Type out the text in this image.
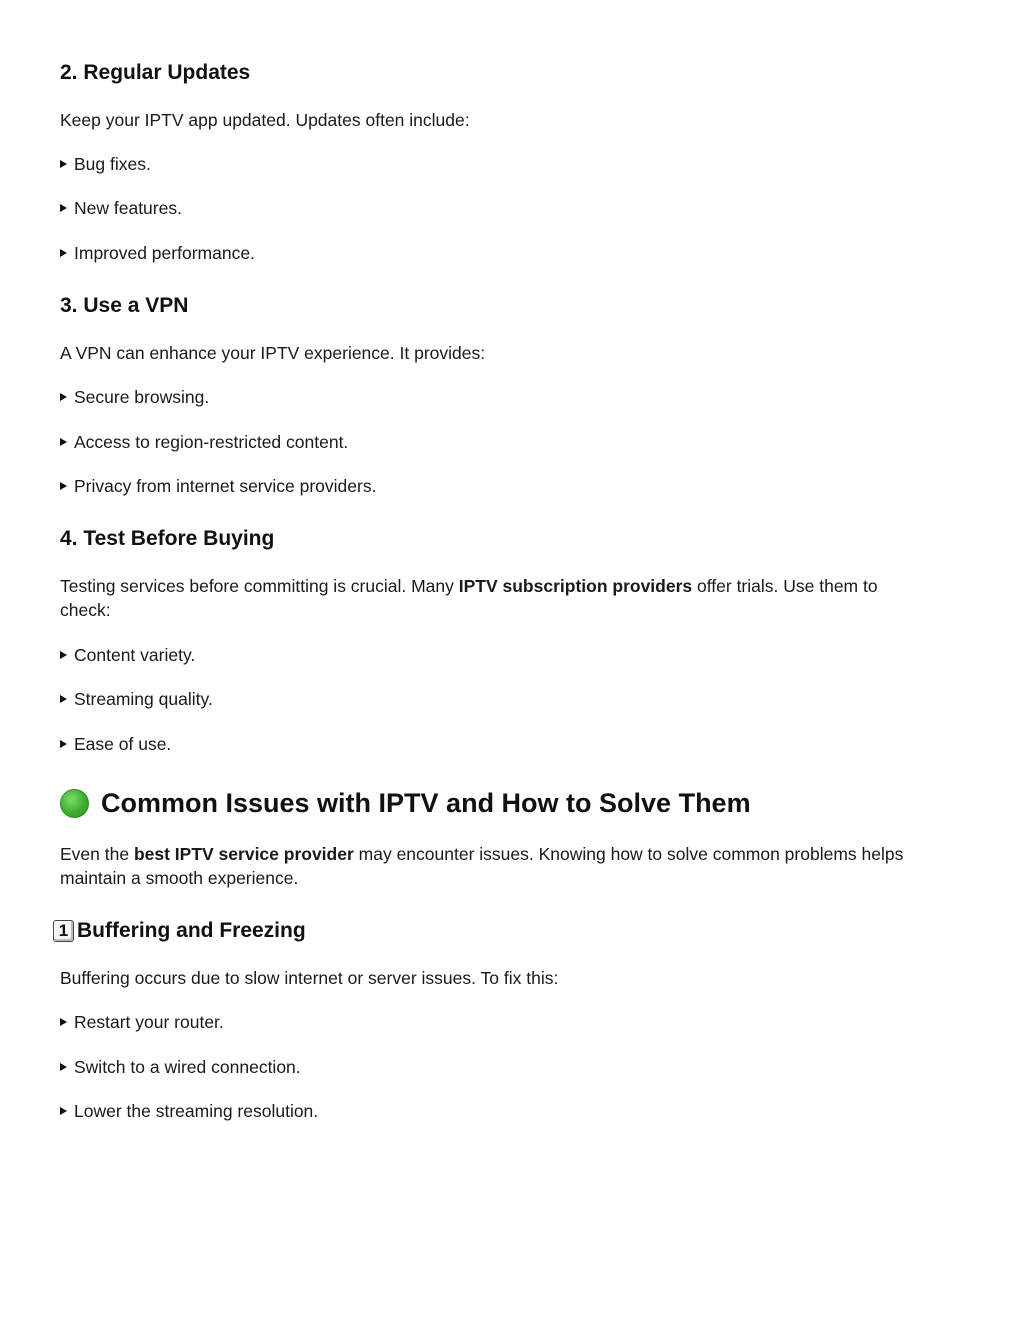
2. Regular Updates

Keep your IPTV app updated. Updates often include:

Bug fixes.
New features.
Improved performance.
3. Use a VPN

A VPN can enhance your IPTV experience. It provides:

Secure browsing.
Access to region-restricted content.
Privacy from internet service providers.
4. Test Before Buying

Testing services before committing is crucial. Many IPTV subscription providers offer trials. Use them to
check:

Content variety.
Streaming quality.
Ease of use.
Common Issues with IPTV and How to Solve Them

Even the best IPTV service provider may encounter issues. Knowing how to solve common problems helps
maintain a smooth experience.

1 Buffering and Freezing

Buffering occurs due to slow internet or server issues. To fix this:

Restart your router.
Switch to a wired connection.
Lower the streaming resolution.
